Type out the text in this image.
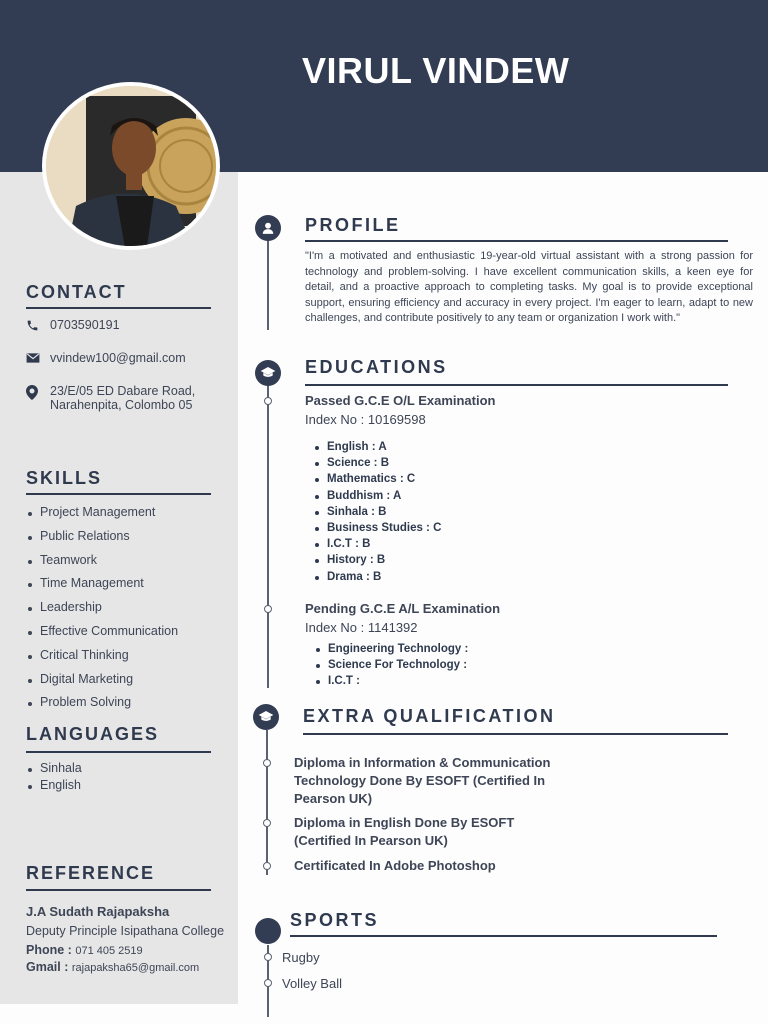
VIRUL VINDEW
CONTACT
0703590191
vvindew100@gmail.com
23/E/05 ED Dabare Road,
Narahenpita, Colombo 05
SKILLS
Project Management
Public Relations
Teamwork
Time Management
Leadership
Effective Communication
Critical Thinking
Digital Marketing
Problem Solving
LANGUAGES
Sinhala
English
REFERENCE
J.A Sudath Rajapaksha
Deputy Principle Isipathana College
Phone : 071 405 2519
Gmail : rajapaksha65@gmail.com
PROFILE
"I'm a motivated and enthusiastic 19-year-old virtual assistant with a strong passion for technology and problem-solving. I have excellent communication skills, a keen eye for detail, and a proactive approach to completing tasks. My goal is to provide exceptional support, ensuring efficiency and accuracy in every project. I'm eager to learn, adapt to new challenges, and contribute positively to any team or organization I work with."
EDUCATIONS
Passed G.C.E O/L Examination
Index No : 10169598
English : A
Science : B
Mathematics : C
Buddhism : A
Sinhala : B
Business Studies : C
I.C.T : B
History : B
Drama : B
Pending G.C.E A/L Examination
Index No : 1141392
Engineering Technology :
Science For Technology :
I.C.T :
EXTRA QUALIFICATION
Diploma in Information & Communication Technology Done By ESOFT (Certified In Pearson UK)
Diploma in English Done By ESOFT (Certified In Pearson UK)
Certificated In Adobe Photoshop
SPORTS
Rugby
Volley Ball
